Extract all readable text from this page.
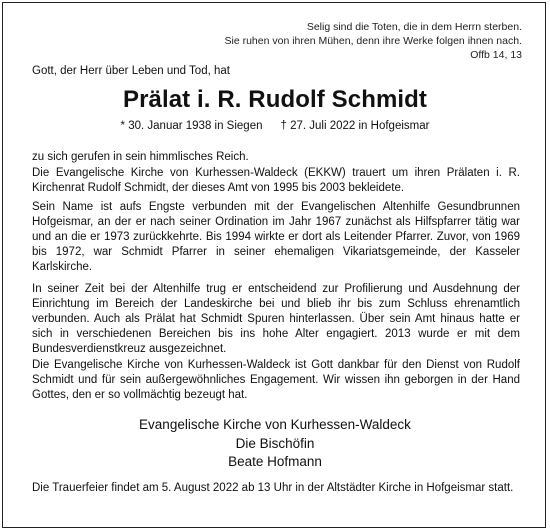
Selig sind die Toten, die in dem Herrn sterben.
Sie ruhen von ihren Mühen, denn ihre Werke folgen ihnen nach.
Offb 14, 13
Gott, der Herr über Leben und Tod, hat
Prälat i. R. Rudolf Schmidt
* 30. Januar 1938 in Siegen † 27. Juli 2022 in Hofgeismar
zu sich gerufen in sein himmlisches Reich.

Die Evangelische Kirche von Kurhessen-Waldeck (EKKW) trauert um ihren Prälaten i. R. Kirchenrat Rudolf Schmidt, der dieses Amt von 1995 bis 2003 bekleidete.

Sein Name ist aufs Engste verbunden mit der Evangelischen Altenhilfe Gesundbrunnen Hofgeismar, an der er nach seiner Ordination im Jahr 1967 zunächst als Hilfspfarrer tätig war und an die er 1973 zurückkehrte. Bis 1994 wirkte er dort als Leitender Pfarrer. Zuvor, von 1969 bis 1972, war Schmidt Pfarrer in seiner ehemaligen Vikariatsgemeinde, der Kasseler Karlskirche.

In seiner Zeit bei der Altenhilfe trug er entscheidend zur Profilierung und Ausdehnung der Einrichtung im Bereich der Landeskirche bei und blieb ihr bis zum Schluss ehrenamtlich verbunden. Auch als Prälat hat Schmidt Spuren hinterlassen. Über sein Amt hinaus hatte er sich in verschiedenen Bereichen bis ins hohe Alter engagiert. 2013 wurde er mit dem Bundesverdienstkreuz ausgezeichnet.

Die Evangelische Kirche von Kurhessen-Waldeck ist Gott dankbar für den Dienst von Rudolf Schmidt und für sein außergewöhnliches Engagement. Wir wissen ihn geborgen in der Hand Gottes, den er so vollmächtig bezeugt hat.

Evangelische Kirche von Kurhessen-Waldeck
Die Bischöfin
Beate Hofmann

Die Trauerfeier findet am 5. August 2022 ab 13 Uhr in der Altstädter Kirche in Hofgeismar statt.
